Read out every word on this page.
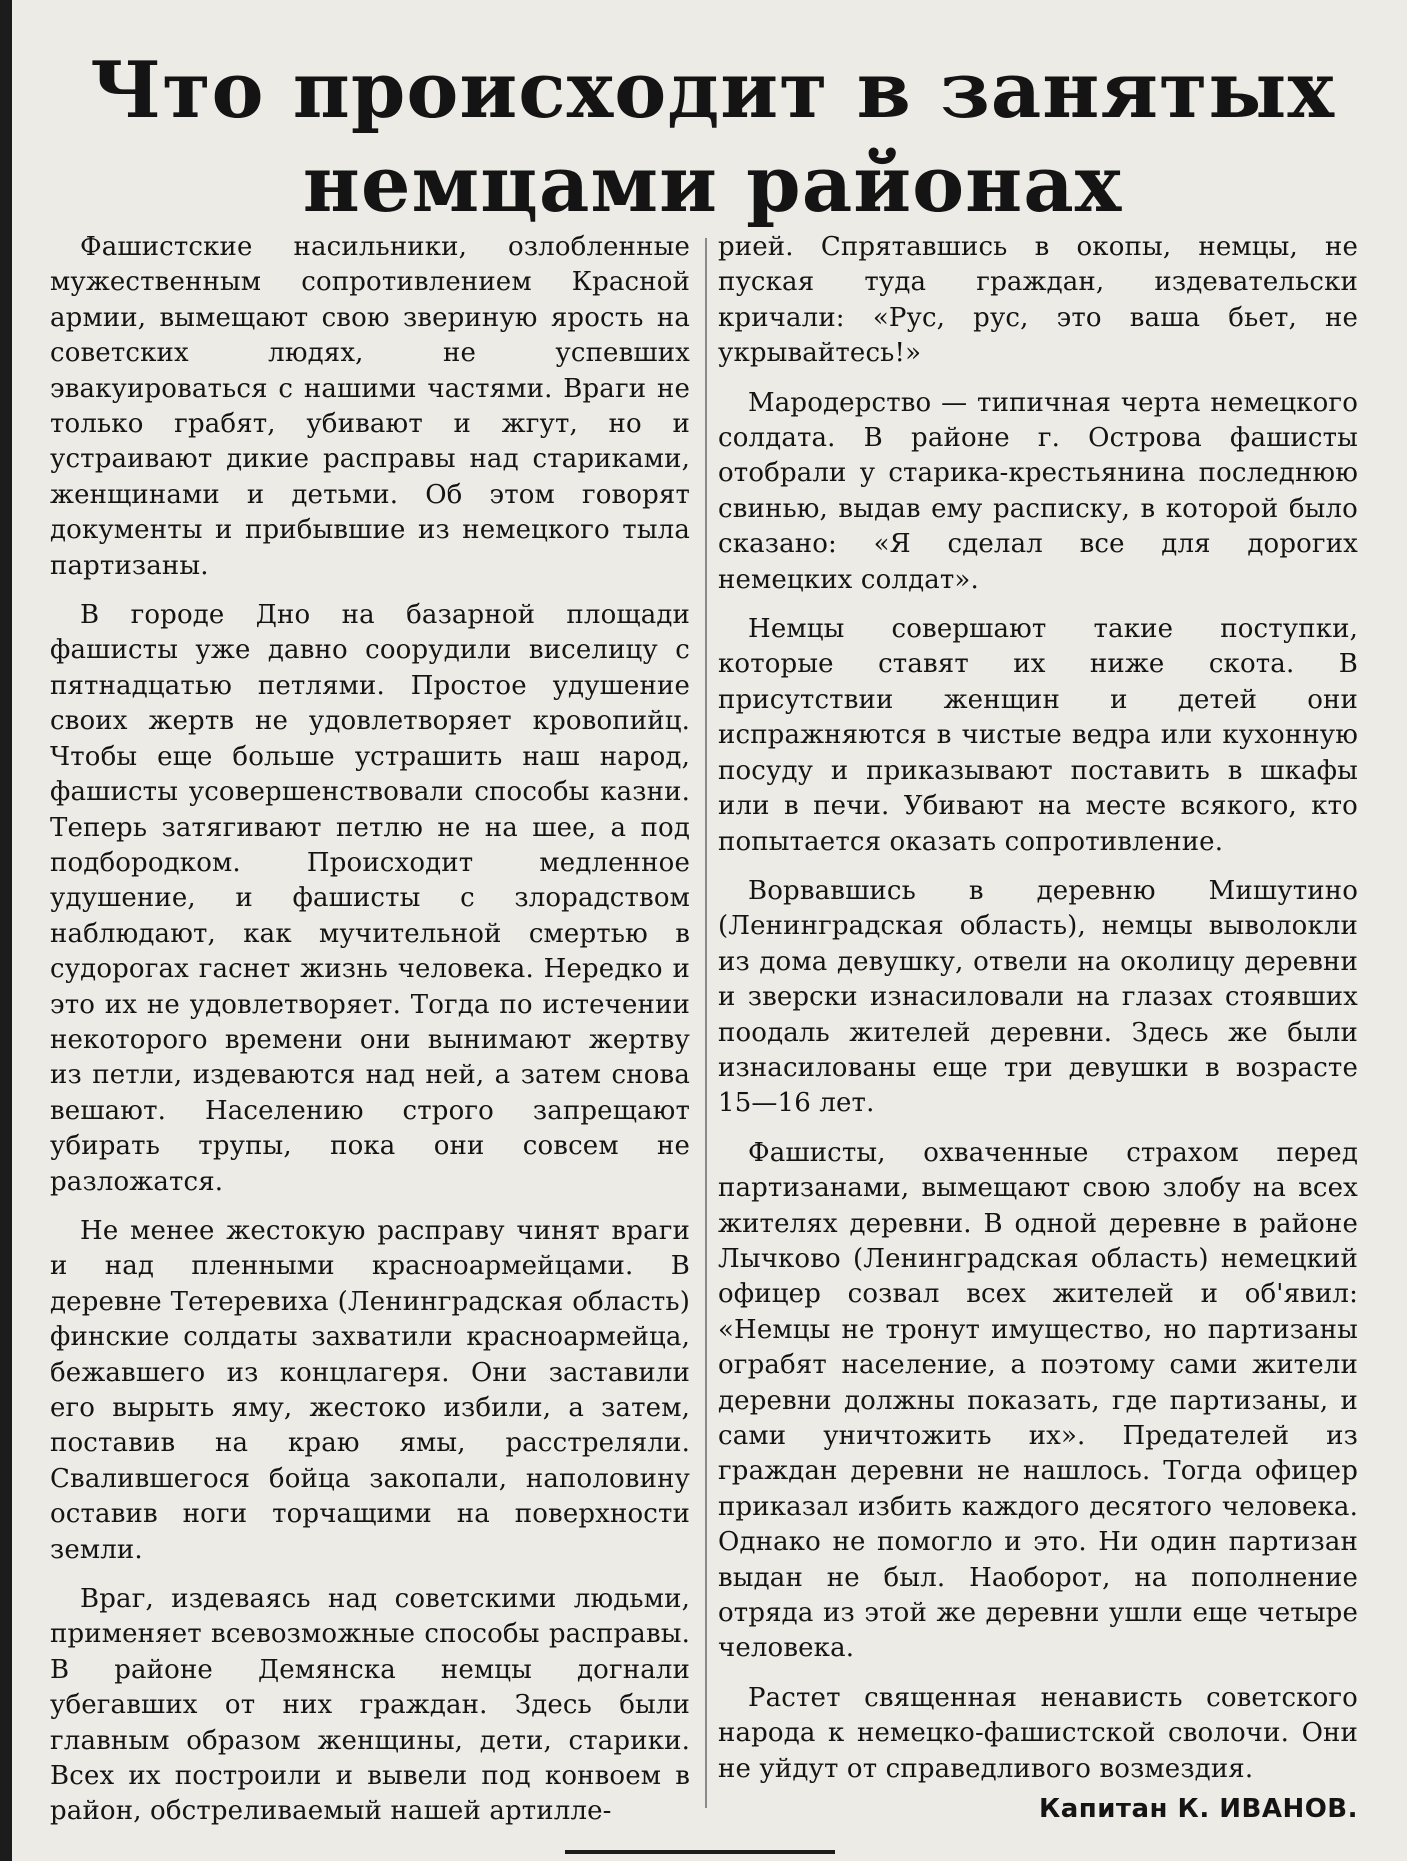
Что происходит в занятых
немцами районах

Фашистские насильники, озлобленные мужественным сопротивлением Красной армии, вымещают свою звериную ярость на советских людях, не успевших эвакуироваться с нашими частями. Враги не только грабят, убивают и жгут, но и устраивают дикие расправы над стариками, женщинами и детьми. Об этом говорят документы и прибывшие из немецкого тыла партизаны.

В городе Дно на базарной площади фашисты уже давно соорудили виселицу с пятнадцатью петлями. Простое удушение своих жертв не удовлетворяет кровопийц. Чтобы еще больше устрашить наш народ, фашисты усовершенствовали способы казни. Теперь затягивают петлю не на шее, а под подбородком. Происходит медленное удушение, и фашисты с злорадством наблюдают, как мучительной смертью в судорогах гаснет жизнь человека. Нередко и это их не удовлетворяет. Тогда по истечении некоторого времени они вынимают жертву из петли, издеваются над ней, а затем снова вешают. Населению строго запрещают убирать трупы, пока они совсем не разложатся.

Не менее жестокую расправу чинят враги и над пленными красноармейцами. В деревне Тетеревиха (Ленинградская область) финские солдаты захватили красноармейца, бежавшего из концлагеря. Они заставили его вырыть яму, жестоко избили, а затем, поставив на краю ямы, расстреляли. Свалившегося бойца закопали, наполовину оставив ноги торчащими на поверхности земли.

Враг, издеваясь над советскими людьми, применяет всевозможные способы расправы. В районе Демянска немцы догнали убегавших от них граждан. Здесь были главным образом женщины, дети, старики. Всех их построили и вывели под конвоем в район, обстреливаемый нашей артилле-

рией. Спрятавшись в окопы, немцы, не пуская туда граждан, издевательски кричали: «Рус, рус, это ваша бьет, не укрывайтесь!»

Мародерство — типичная черта немецкого солдата. В районе г. Острова фашисты отобрали у старика-крестьянина последнюю свинью, выдав ему расписку, в которой было сказано: «Я сделал все для дорогих немецких солдат».

Немцы совершают такие поступки, которые ставят их ниже скота. В присутствии женщин и детей они испражняются в чистые ведра или кухонную посуду и приказывают поставить в шкафы или в печи. Убивают на месте всякого, кто попытается оказать сопротивление.

Ворвавшись в деревню Мишутино (Ленинградская область), немцы выволокли из дома девушку, отвели на околицу деревни и зверски изнасиловали на глазах стоявших поодаль жителей деревни. Здесь же были изнасилованы еще три девушки в возрасте 15—16 лет.

Фашисты, охваченные страхом перед партизанами, вымещают свою злобу на всех жителях деревни. В одной деревне в районе Лычково (Ленинградская область) немецкий офицер созвал всех жителей и об'явил: «Немцы не тронут имущество, но партизаны ограбят население, а поэтому сами жители деревни должны показать, где партизаны, и сами уничтожить их». Предателей из граждан деревни не нашлось. Тогда офицер приказал избить каждого десятого человека. Однако не помогло и это. Ни один партизан выдан не был. Наоборот, на пополнение отряда из этой же деревни ушли еще четыре человека.

Растет священная ненависть советского народа к немецко-фашистской сволочи. Они не уйдут от справедливого возмездия.

Капитан К. ИВАНОВ.
